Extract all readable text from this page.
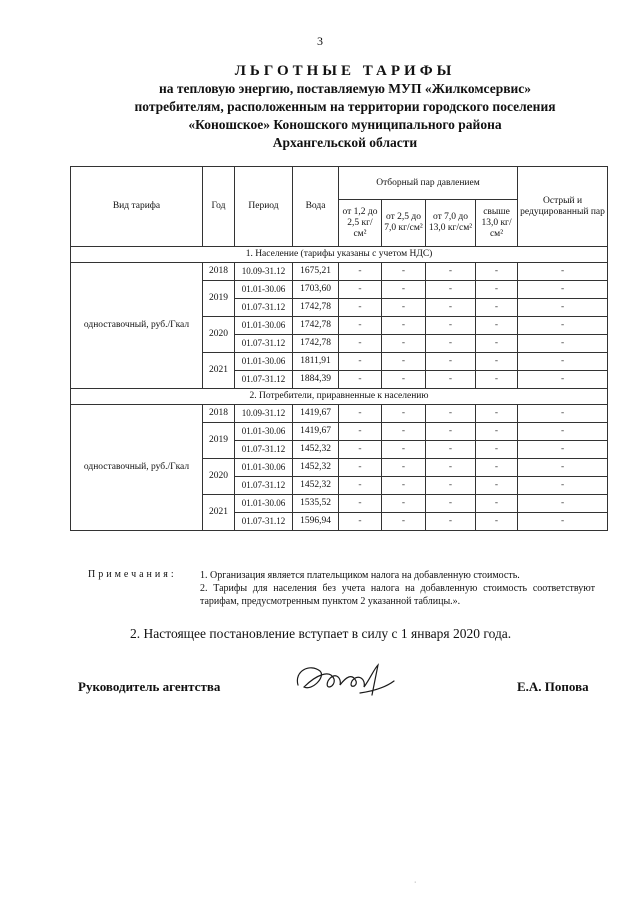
3
ЛЬГОТНЫЕ ТАРИФЫ
на тепловую энергию, поставляемую МУП «Жилкомсервис»
потребителям, расположенным на территории городского поселения
«Коношское» Коношского муниципального района
Архангельской области
Вид тарифа	Год	Период	Вода	Отборный пар давлением				Острый и редуцированный пар
				от 1,2 до 2,5 кг/см²	от 2,5 до 7,0 кг/см²	от 7,0 до 13,0 кг/см²	свыше 13,0 кг/см²	
1. Население (тарифы указаны с учетом НДС)								
одноставочный, руб./Гкал	2018	10.09-31.12	1675,21	-	-	-	-	-
	2019	01.01-30.06	1703,60	-	-	-	-	-
		01.07-31.12	1742,78	-	-	-	-	-
	2020	01.01-30.06	1742,78	-	-	-	-	-
		01.07-31.12	1742,78	-	-	-	-	-
	2021	01.01-30.06	1811,91	-	-	-	-	-
		01.07-31.12	1884,39	-	-	-	-	-
2. Потребители, приравненные к населению								
одноставочный, руб./Гкал	2018	10.09-31.12	1419,67	-	-	-	-	-
	2019	01.01-30.06	1419,67	-	-	-	-	-
		01.07-31.12	1452,32	-	-	-	-	-
	2020	01.01-30.06	1452,32	-	-	-	-	-
		01.07-31.12	1452,32	-	-	-	-	-
	2021	01.01-30.06	1535,52	-	-	-	-	-
		01.07-31.12	1596,94	-	-	-	-	-
Примечания: 1. Организация является плательщиком налога на добавленную стоимость.

2. Тарифы для населения без учета налога на добавленную стоимость соответствуют тарифам, предусмотренным пунктом 2 указанной таблицы.».

2. Настоящее постановление вступает в силу с 1 января 2020 года.
Руководитель агентства	Е.А. Попова
ᐧ
